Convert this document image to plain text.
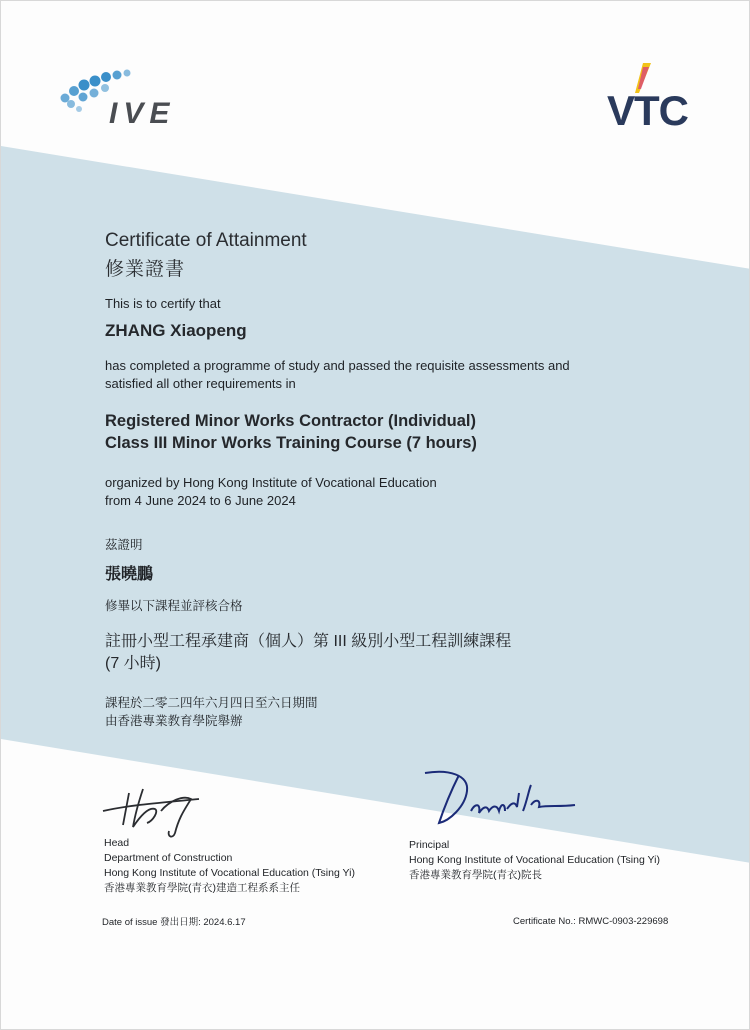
IVE	VTC
Certificate of Attainment
修業證書
This is to certify that
ZHANG Xiaopeng
has completed a programme of study and passed the requisite assessments and
satisfied all other requirements in
Registered Minor Works Contractor (Individual)
Class III Minor Works Training Course (7 hours)
organized by Hong Kong Institute of Vocational Education
from 4 June 2024 to 6 June 2024
茲證明
張曉鵬
修畢以下課程並評核合格
註冊小型工程承建商（個人）第 III 級別小型工程訓練課程
(7 小時)
課程於二零二四年六月四日至六日期間
由香港專業教育學院舉辦
Head
Department of Construction
Hong Kong Institute of Vocational Education (Tsing Yi)
香港專業教育學院(青衣)建造工程系系主任
Principal
Hong Kong Institute of Vocational Education (Tsing Yi)
香港專業教育學院(青衣)院長
Date of issue 發出日期: 2024.6.17	Certificate No.: RMWC-0903-229698
